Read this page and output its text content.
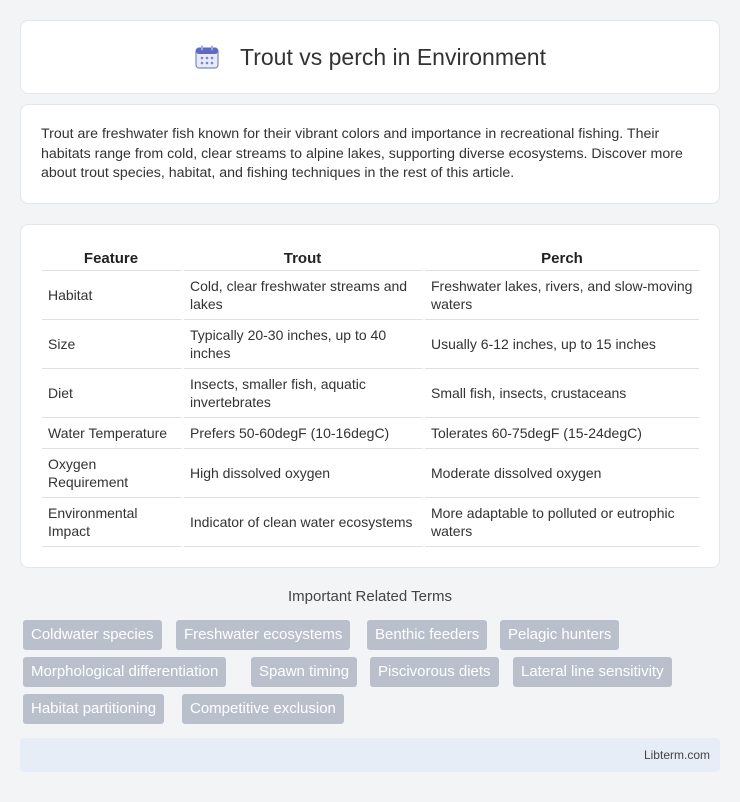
Trout vs perch in Environment

Trout are freshwater fish known for their vibrant colors and importance in recreational fishing. Their habitats range from cold, clear streams to alpine lakes, supporting diverse ecosystems. Discover more about trout species, habitat, and fishing techniques in the rest of this article.

Feature	Trout	Perch
Habitat	Cold, clear freshwater streams and lakes	Freshwater lakes, rivers, and slow-moving waters
Size	Typically 20-30 inches, up to 40 inches	Usually 6-12 inches, up to 15 inches
Diet	Insects, smaller fish, aquatic invertebrates	Small fish, insects, crustaceans
Water Temperature	Prefers 50-60degF (10-16degC)	Tolerates 60-75degF (15-24degC)
Oxygen Requirement	High dissolved oxygen	Moderate dissolved oxygen
Environmental Impact	Indicator of clean water ecosystems	More adaptable to polluted or eutrophic waters
Important Related Terms
Coldwater species	Freshwater ecosystems	Benthic feeders	Pelagic hunters
Morphological differentiation	Spawn timing	Piscivorous diets	Lateral line sensitivity
Habitat partitioning	Competitive exclusion
Libterm.com
